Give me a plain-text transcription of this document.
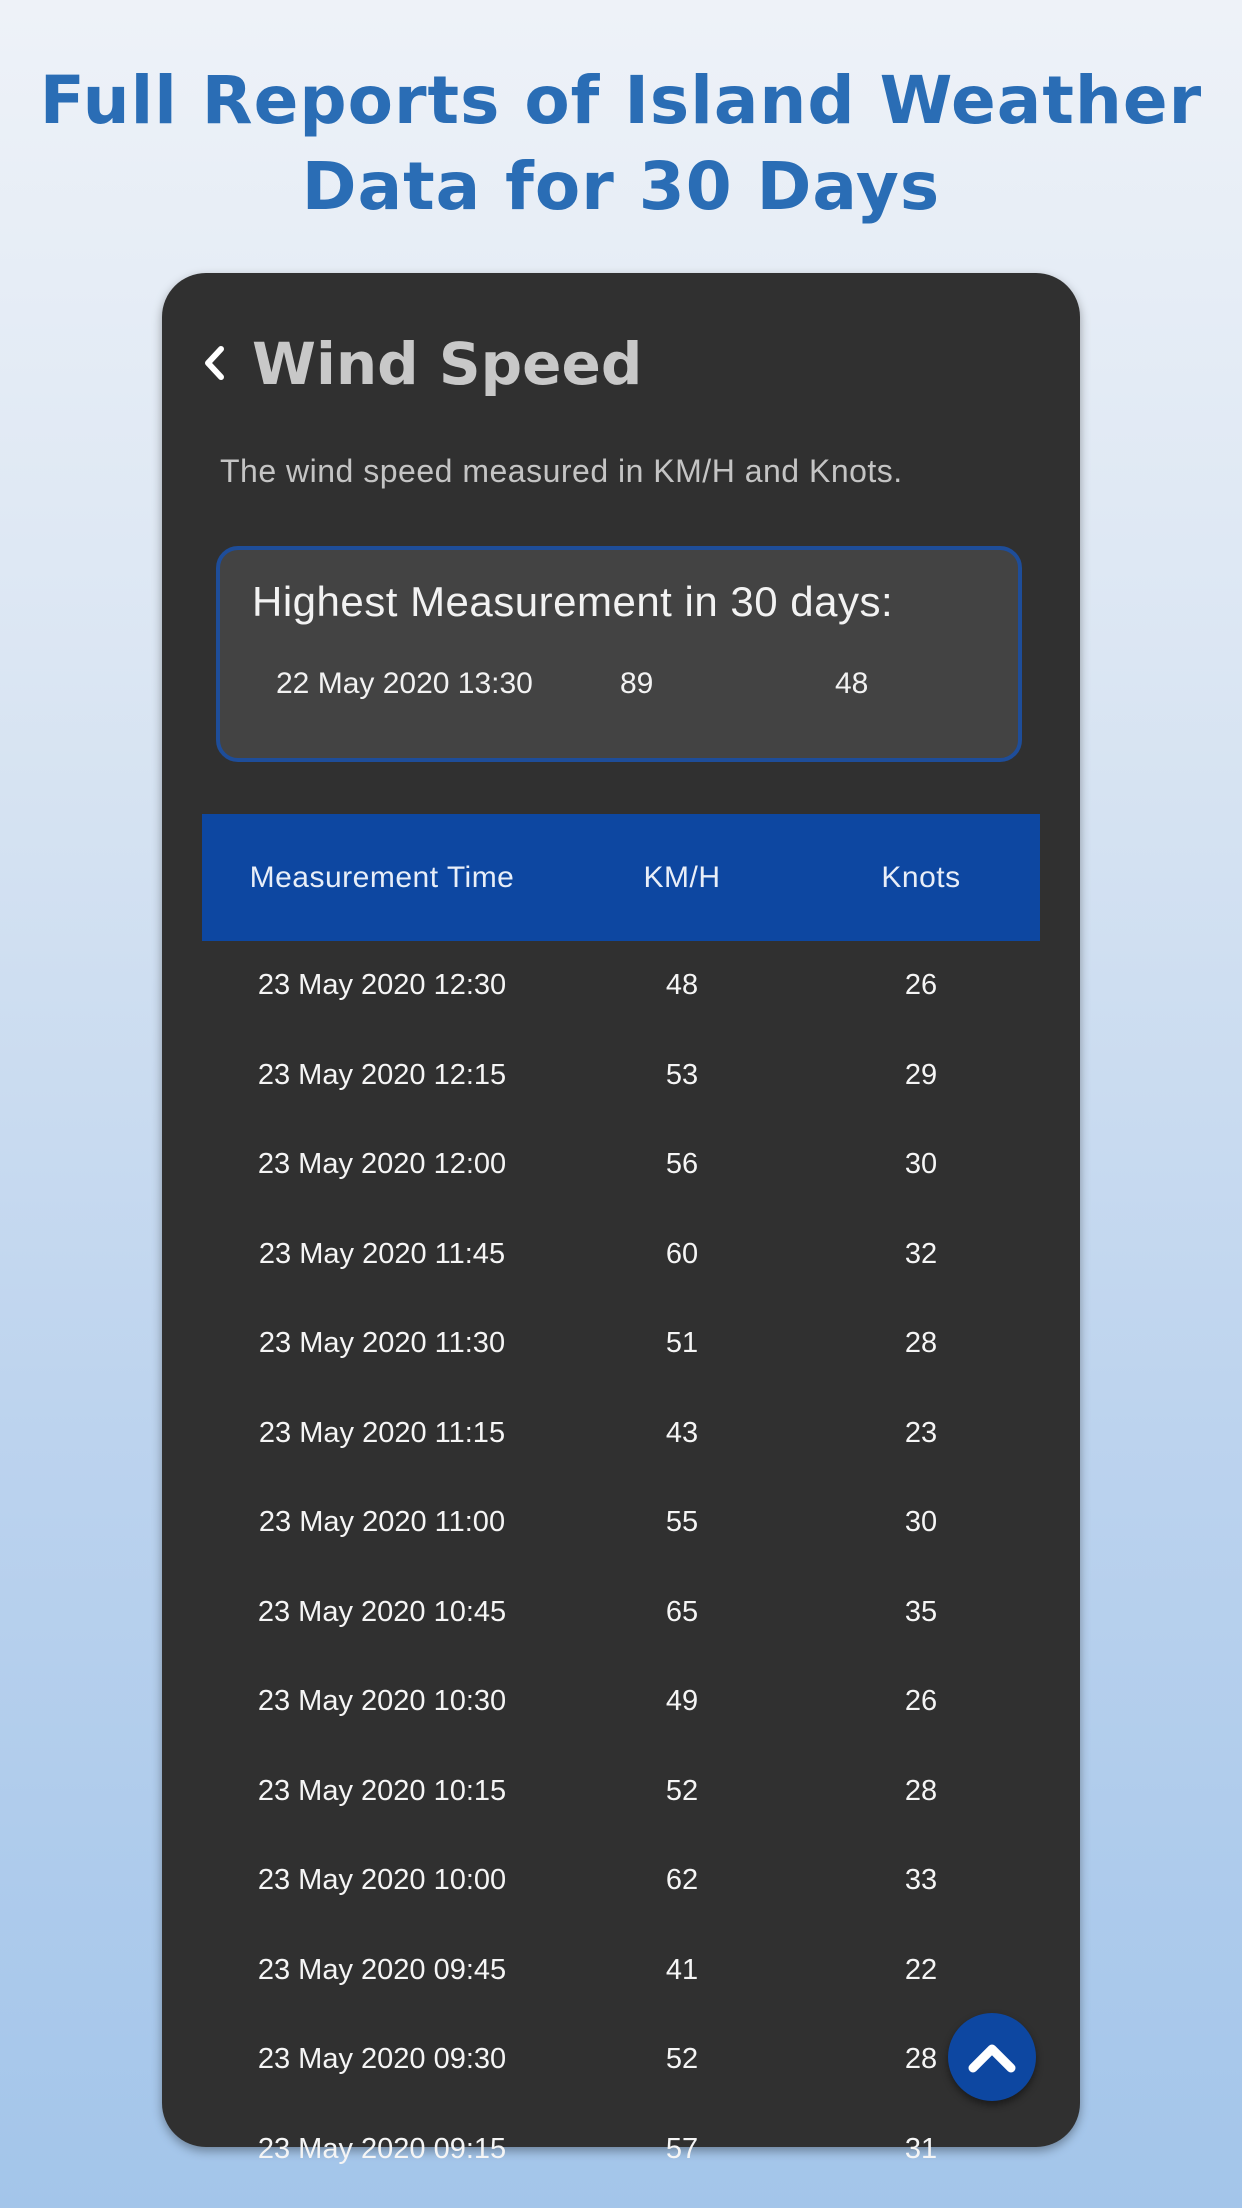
Full Reports of Island Weather
Data for 30 Days
Wind Speed
The wind speed measured in KM/H and Knots.
Highest Measurement in 30 days:
22 May 2020 13:30	89	48
Measurement Time	KM/H	Knots
23 May 2020 12:30	48	26
23 May 2020 12:15	53	29
23 May 2020 12:00	56	30
23 May 2020 11:45	60	32
23 May 2020 11:30	51	28
23 May 2020 11:15	43	23
23 May 2020 11:00	55	30
23 May 2020 10:45	65	35
23 May 2020 10:30	49	26
23 May 2020 10:15	52	28
23 May 2020 10:00	62	33
23 May 2020 09:45	41	22
23 May 2020 09:30	52	28
23 May 2020 09:15	57	31
